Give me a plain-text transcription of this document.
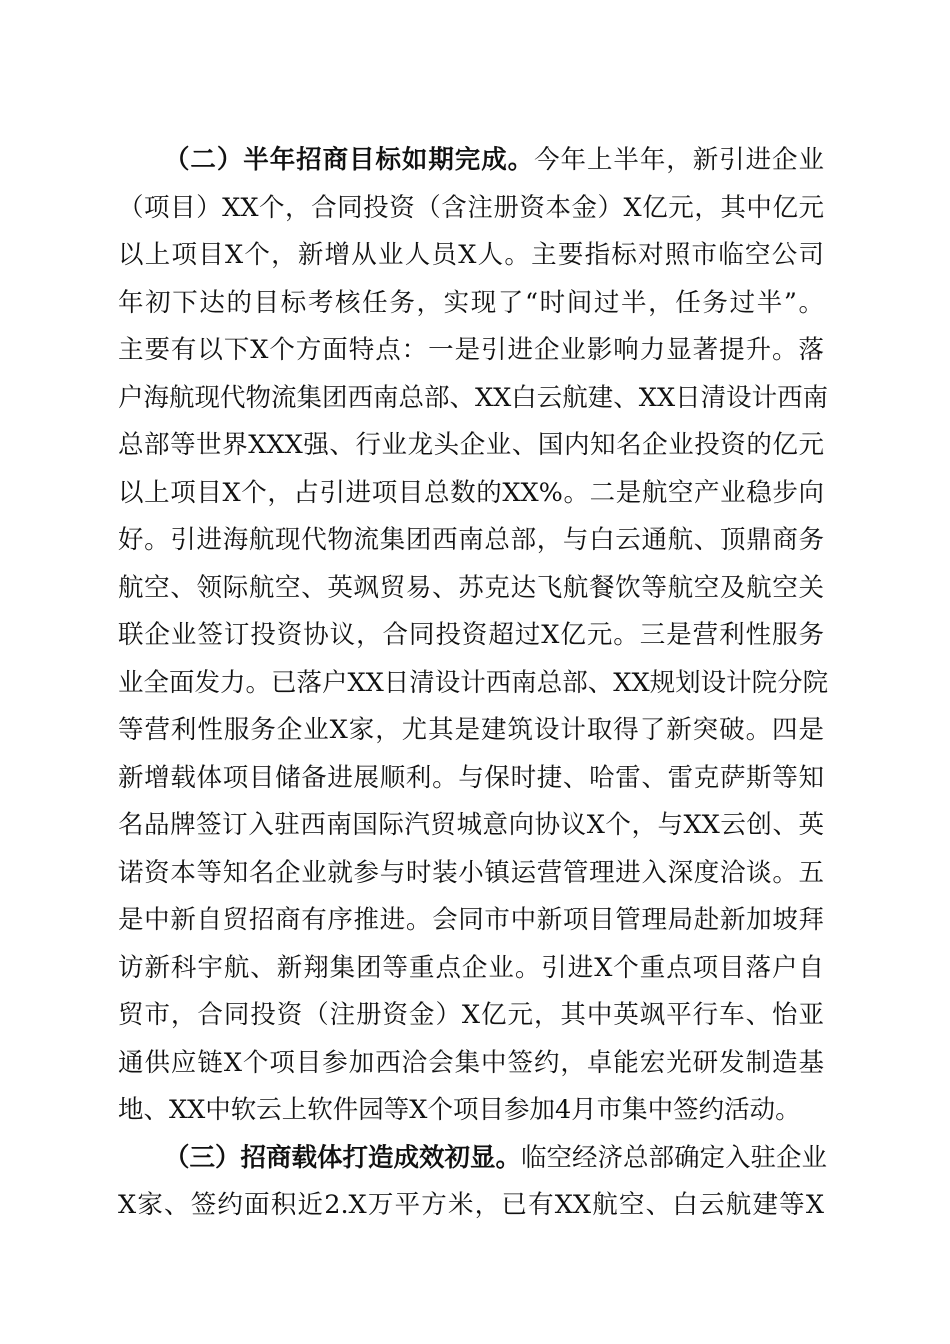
（二）半年招商目标如期完成。今年上半年，新引进企业
（项目）XX个，合同投资（含注册资本金）X亿元，其中亿元
以上项目X个，新增从业人员X人。主要指标对照市临空公司
年初下达的目标考核任务，实现了“时间过半，任务过半”。
主要有以下X个方面特点：一是引进企业影响力显著提升。落
户海航现代物流集团西南总部、XX白云航建、XX日清设计西南
总部等世界XXX强、行业龙头企业、国内知名企业投资的亿元
以上项目X个，占引进项目总数的XX%。二是航空产业稳步向
好。引进海航现代物流集团西南总部，与白云通航、顶鼎商务
航空、领际航空、英飒贸易、苏克达飞航餐饮等航空及航空关
联企业签订投资协议，合同投资超过X亿元。三是营利性服务
业全面发力。已落户XX日清设计西南总部、XX规划设计院分院
等营利性服务企业X家，尤其是建筑设计取得了新突破。四是
新增载体项目储备进展顺利。与保时捷、哈雷、雷克萨斯等知
名品牌签订入驻西南国际汽贸城意向协议X个，与XX云创、英
诺资本等知名企业就参与时装小镇运营管理进入深度洽谈。五
是中新自贸招商有序推进。会同市中新项目管理局赴新加坡拜
访新科宇航、新翔集团等重点企业。引进X个重点项目落户自
贸市，合同投资（注册资金）X亿元，其中英飒平行车、怡亚
通供应链X个项目参加西洽会集中签约，卓能宏光研发制造基
地、XX中软云上软件园等X个项目参加4月市集中签约活动。
（三）招商载体打造成效初显。临空经济总部确定入驻企业
X家、签约面积近2.X万平方米，已有XX航空、白云航建等X
